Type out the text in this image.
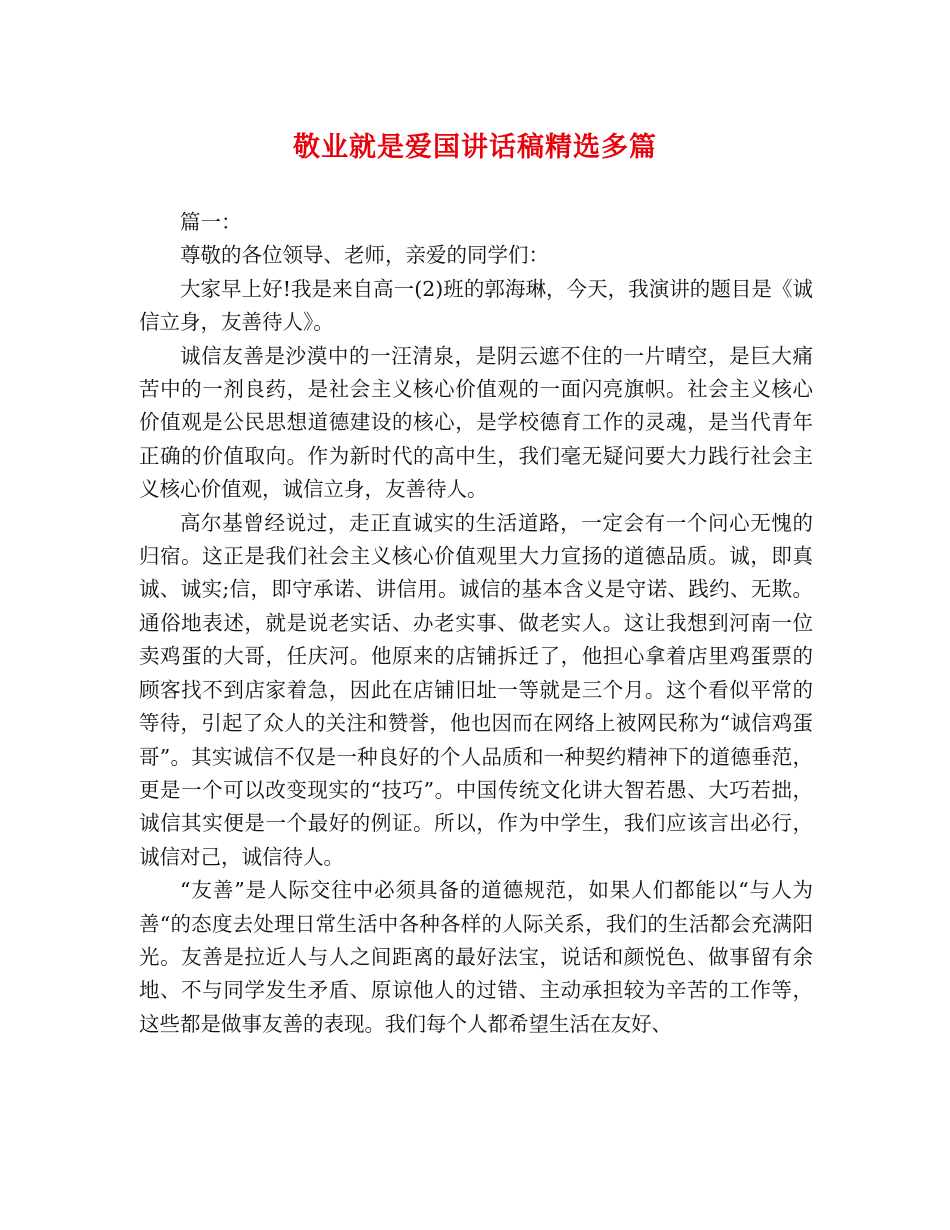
敬业就是爱国讲话稿精选多篇

篇一：

尊敬的各位领导、老师，亲爱的同学们：

大家早上好!我是来自高一(2)班的郭海琳，今天，我演讲的题目是《诚信立身，友善待人》。

诚信友善是沙漠中的一汪清泉，是阴云遮不住的一片晴空，是巨大痛苦中的一剂良药，是社会主义核心价值观的一面闪亮旗帜。社会主义核心价值观是公民思想道德建设的核心，是学校德育工作的灵魂，是当代青年正确的价值取向。作为新时代的高中生，我们毫无疑问要大力践行社会主义核心价值观，诚信立身，友善待人。

高尔基曾经说过，走正直诚实的生活道路，一定会有一个问心无愧的归宿。这正是我们社会主义核心价值观里大力宣扬的道德品质。诚，即真诚、诚实;信，即守承诺、讲信用。诚信的基本含义是守诺、践约、无欺。通俗地表述，就是说老实话、办老实事、做老实人。这让我想到河南一位卖鸡蛋的大哥，任庆河。他原来的店铺拆迁了，他担心拿着店里鸡蛋票的顾客找不到店家着急，因此在店铺旧址一等就是三个月。这个看似平常的等待，引起了众人的关注和赞誉，他也因而在网络上被网民称为“诚信鸡蛋哥”。其实诚信不仅是一种良好的个人品质和一种契约精神下的道德垂范，更是一个可以改变现实的“技巧”。中国传统文化讲大智若愚、大巧若拙，诚信其实便是一个最好的例证。所以，作为中学生，我们应该言出必行，诚信对己，诚信待人。

“友善”是人际交往中必须具备的道德规范，如果人们都能以“与人为善“的态度去处理日常生活中各种各样的人际关系，我们的生活都会充满阳光。友善是拉近人与人之间距离的最好法宝，说话和颜悦色、做事留有余地、不与同学发生矛盾、原谅他人的过错、主动承担较为辛苦的工作等，这些都是做事友善的表现。我们每个人都希望生活在友好、
